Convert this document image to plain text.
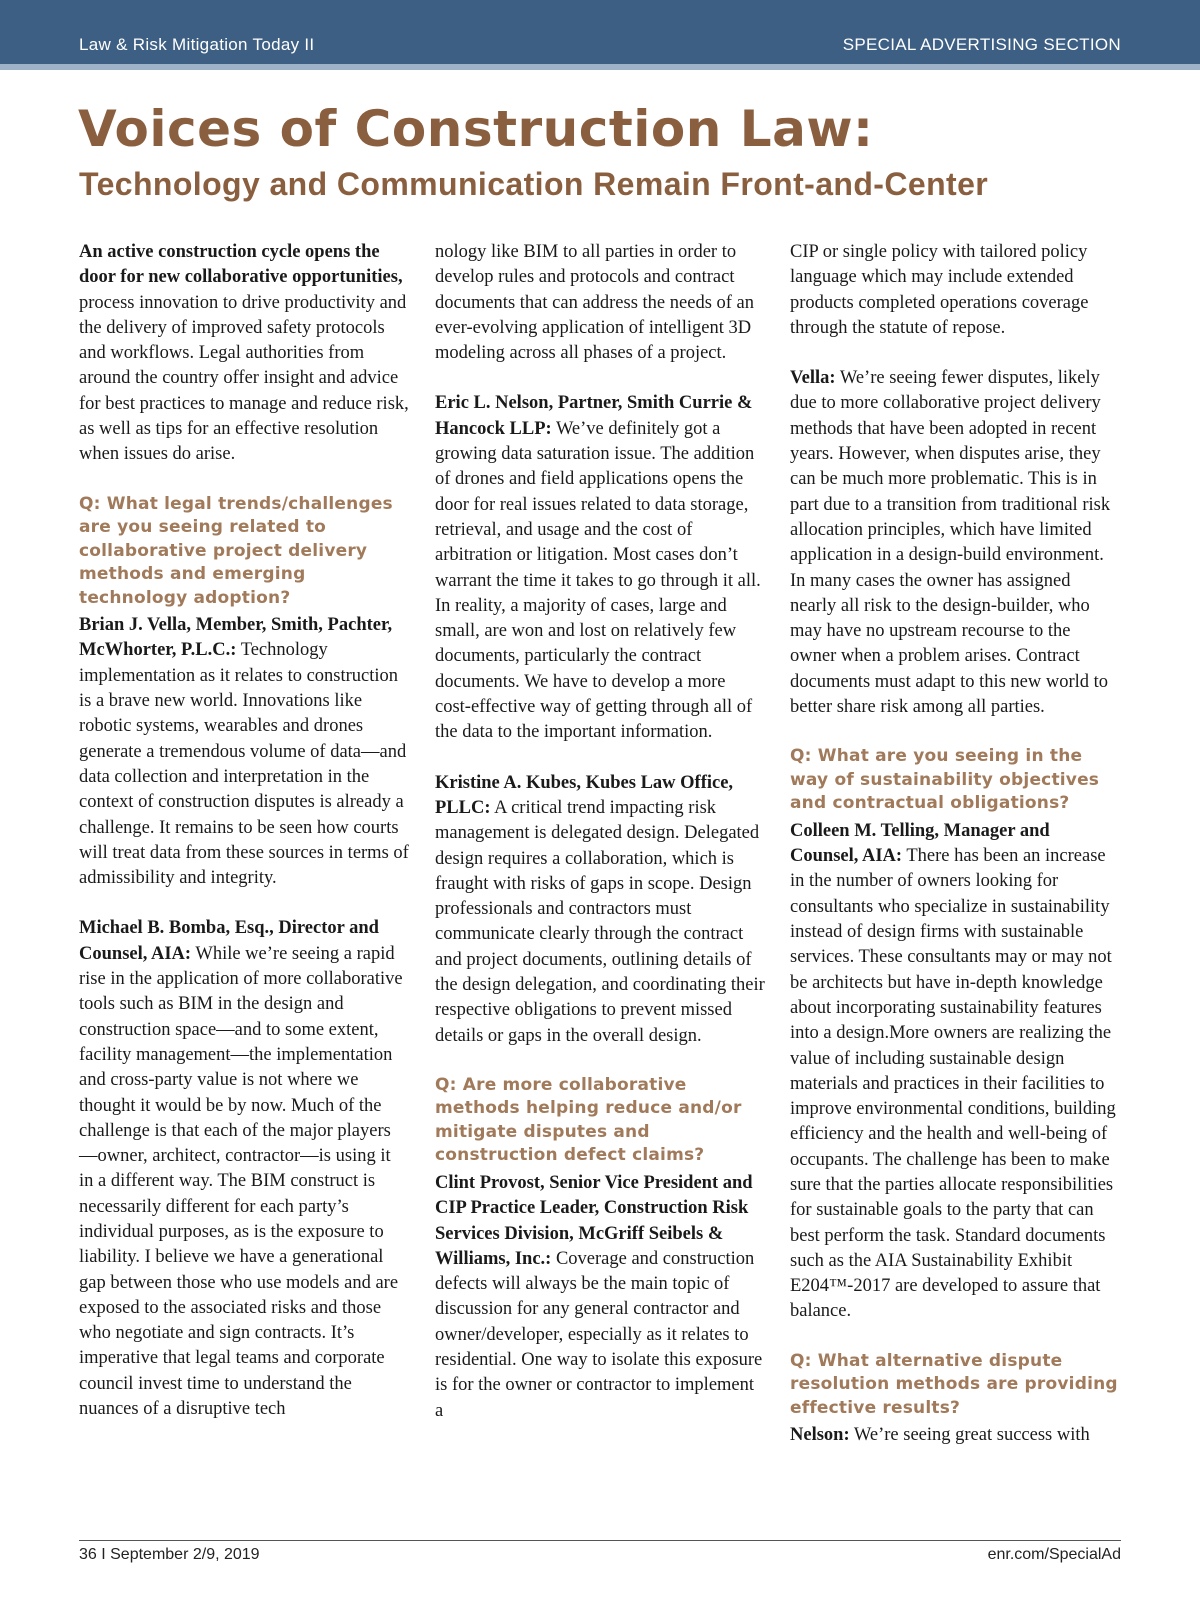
Law & Risk Mitigation Today II	SPECIAL ADVERTISING SECTION
Voices of Construction Law:
Technology and Communication Remain Front-and-Center

An active construction cycle opens the door for new collaborative opportunities, process innovation to drive productivity and the delivery of improved safety protocols and workflows. Legal authorities from around the country offer insight and advice for best practices to manage and reduce risk, as well as tips for an effective resolution when issues do arise.

Q: What legal trends/challenges are you seeing related to collaborative project delivery methods and emerging technology adoption?

Brian J. Vella, Member, Smith, Pachter, McWhorter, P.L.C.: Technology implementation as it relates to construction is a brave new world. Innovations like robotic systems, wearables and drones generate a tremendous volume of data—and data collection and interpretation in the context of construction disputes is already a challenge. It remains to be seen how courts will treat data from these sources in terms of admissibility and integrity.

Michael B. Bomba, Esq., Director and Counsel, AIA: While we’re seeing a rapid rise in the application of more collaborative tools such as BIM in the design and construction space—and to some extent, facility management—the implementation and cross-party value is not where we thought it would be by now. Much of the challenge is that each of the major players—owner, architect, contractor—is using it in a different way. The BIM construct is necessarily different for each party’s individual purposes, as is the exposure to liability. I believe we have a generational gap between those who use models and are exposed to the associated risks and those who negotiate and sign contracts. It’s imperative that legal teams and corporate council invest time to understand the nuances of a disruptive tech

nology like BIM to all parties in order to develop rules and protocols and contract documents that can address the needs of an ever-evolving application of intelligent 3D modeling across all phases of a project.

Eric L. Nelson, Partner, Smith Currie & Hancock LLP: We’ve definitely got a growing data saturation issue. The addition of drones and field applications opens the door for real issues related to data storage, retrieval, and usage and the cost of arbitration or litigation. Most cases don’t warrant the time it takes to go through it all. In reality, a majority of cases, large and small, are won and lost on relatively few documents, particularly the contract documents. We have to develop a more cost-effective way of getting through all of the data to the important information.

Kristine A. Kubes, Kubes Law Office, PLLC: A critical trend impacting risk management is delegated design. Delegated design requires a collaboration, which is fraught with risks of gaps in scope. Design professionals and contractors must communicate clearly through the contract and project documents, outlining details of the design delegation, and coordinating their respective obligations to prevent missed details or gaps in the overall design.

Q: Are more collaborative methods helping reduce and/or mitigate disputes and construction defect claims?

Clint Provost, Senior Vice President and CIP Practice Leader, Construction Risk Services Division, McGriff Seibels & Williams, Inc.: Coverage and construction defects will always be the main topic of discussion for any general contractor and owner/developer, especially as it relates to residential. One way to isolate this exposure is for the owner or contractor to implement a

CIP or single policy with tailored policy language which may include extended products completed operations coverage through the statute of repose.

Vella: We’re seeing fewer disputes, likely due to more collaborative project delivery methods that have been adopted in recent years. However, when disputes arise, they can be much more problematic. This is in part due to a transition from traditional risk allocation principles, which have limited application in a design-build environment. In many cases the owner has assigned nearly all risk to the design-builder, who may have no upstream recourse to the owner when a problem arises. Contract documents must adapt to this new world to better share risk among all parties.

Q: What are you seeing in the way of sustainability objectives and contractual obligations?

Colleen M. Telling, Manager and Counsel, AIA: There has been an increase in the number of owners looking for consultants who specialize in sustainability instead of design firms with sustainable services. These consultants may or may not be architects but have in-depth knowledge about incorporating sustainability features into a design.More owners are realizing the value of including sustainable design materials and practices in their facilities to improve environmental conditions, building efficiency and the health and well-being of occupants. The challenge has been to make sure that the parties allocate responsibilities for sustainable goals to the party that can best perform the task. Standard documents such as the AIA Sustainability Exhibit E204™-2017 are developed to assure that balance.

Q: What alternative dispute resolution methods are providing effective results?

Nelson: We’re seeing great success with

36 I September 2/9, 2019	enr.com/SpecialAd
